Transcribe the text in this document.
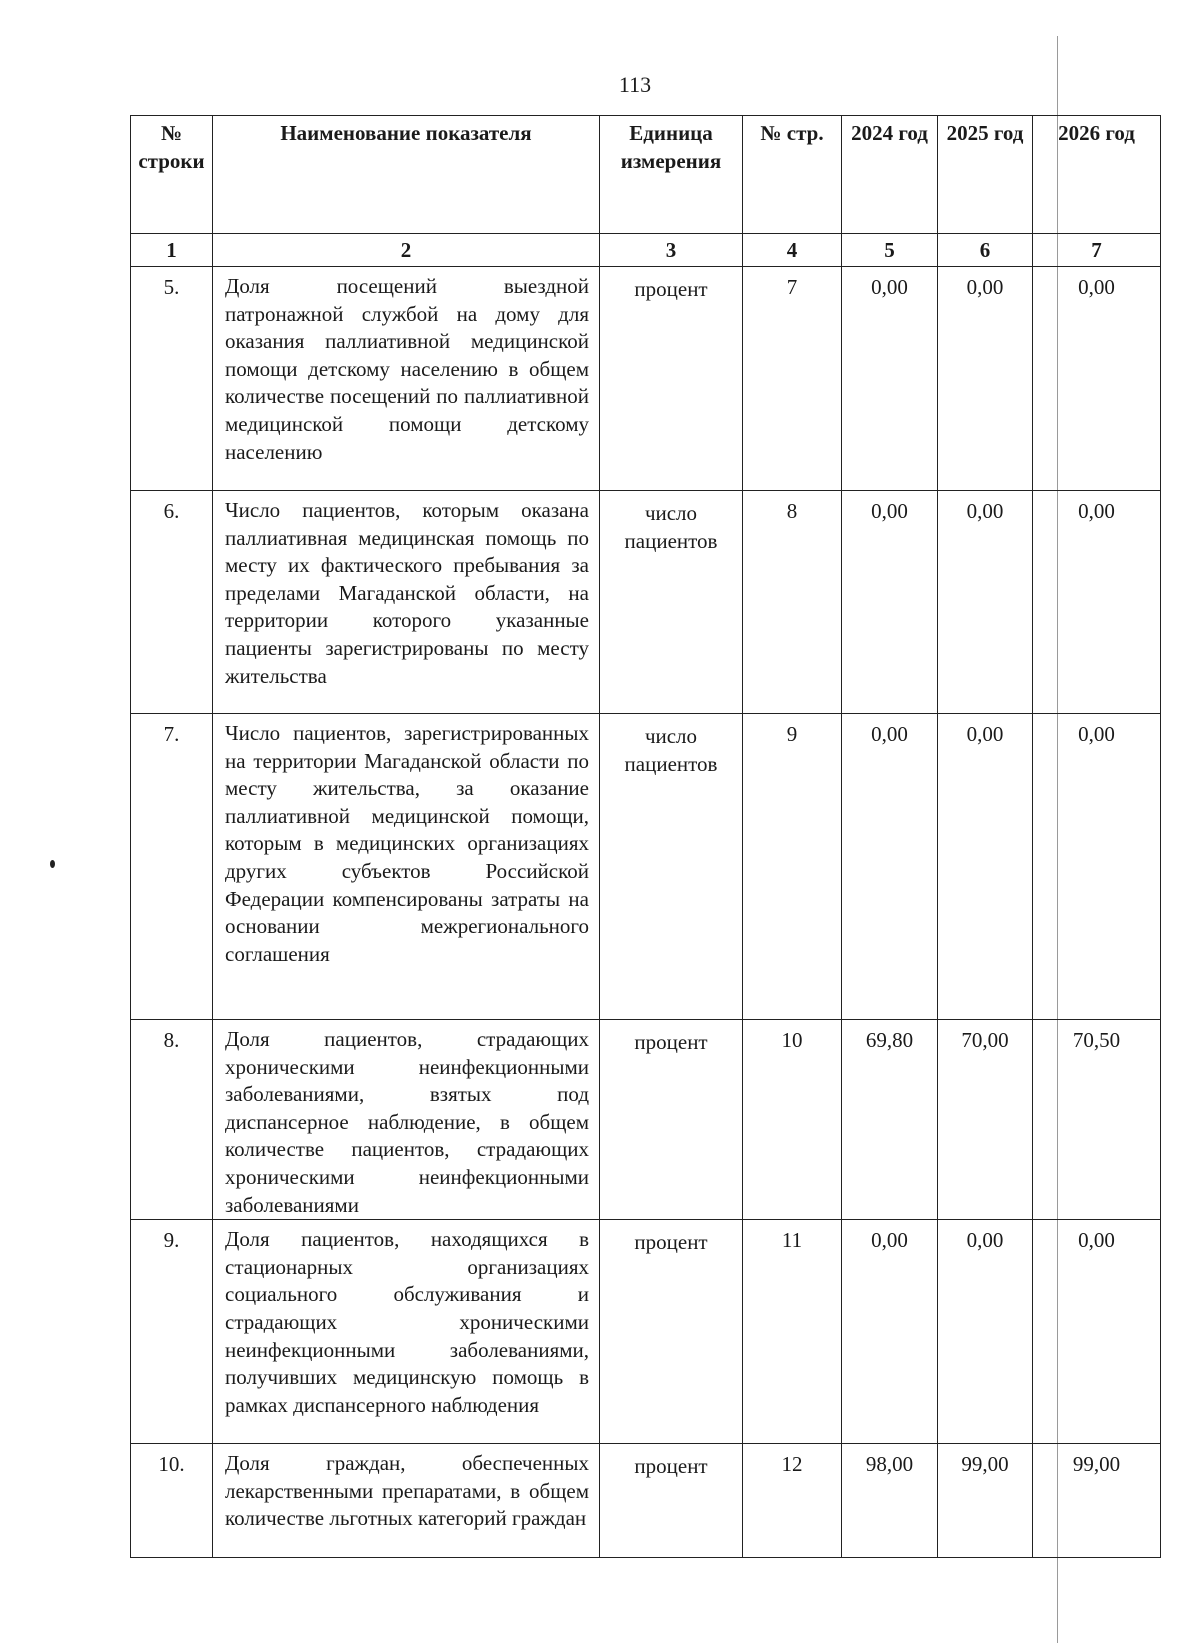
113
№ строки	Наименование показателя	Единица измерения	№ стр.	2024 год	2025 год	2026 год
1	2	3	4	5	6	7
5.	Доля посещений выездной патронажной службой на дому для оказания паллиативной медицинской помощи детскому населению в общем количестве посещений по паллиативной медицинской помощи детскому населению	процент	7	0,00	0,00	0,00
6.	Число пациентов, которым оказана паллиативная медицинская помощь по месту их фактического пребывания за пределами Магаданской области, на территории которого указанные пациенты зарегистрированы по месту жительства	число пациентов	8	0,00	0,00	0,00
7.	Число пациентов, зарегистрированных на территории Магаданской области по месту жительства, за оказание паллиативной медицинской помощи, которым в медицинских организациях других субъектов Российской Федерации компенсированы затраты на основании межрегионального соглашения	число пациентов	9	0,00	0,00	0,00
8.	Доля пациентов, страдающих хроническими неинфекционными заболеваниями, взятых под диспансерное наблюдение, в общем количестве пациентов, страдающих хроническими неинфекционными заболеваниями	процент	10	69,80	70,00	70,50
9.	Доля пациентов, находящихся в стационарных организациях социального обслуживания и страдающих хроническими неинфекционными заболеваниями, получивших медицинскую помощь в рамках диспансерного наблюдения	процент	11	0,00	0,00	0,00
10.	Доля граждан, обеспеченных лекарственными препаратами, в общем количестве льготных категорий граждан	процент	12	98,00	99,00	99,00
